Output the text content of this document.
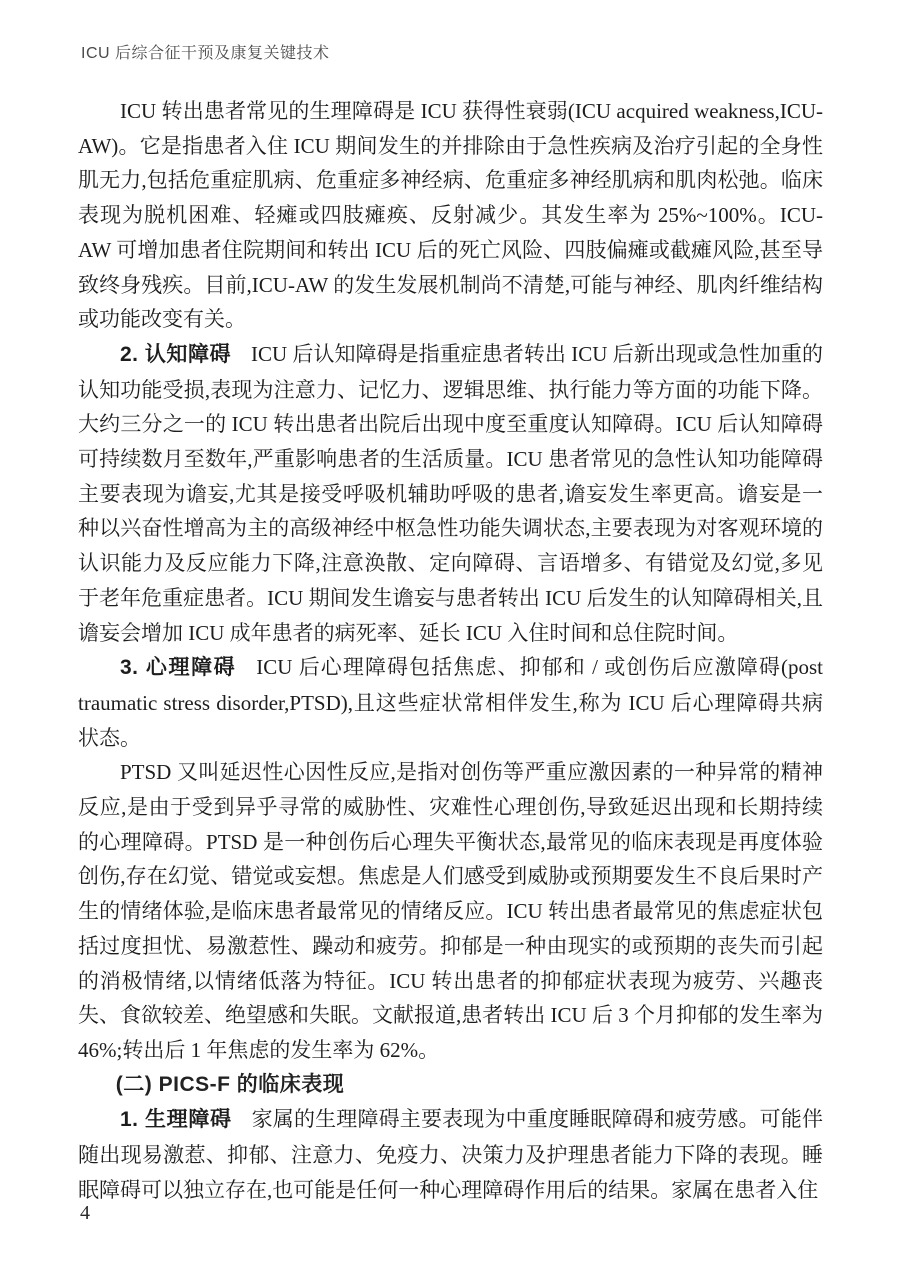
ICU 后综合征干预及康复关键技术

ICU 转出患者常见的生理障碍是 ICU 获得性衰弱(ICU acquired weakness,ICU-AW)。它是指患者入住 ICU 期间发生的并排除由于急性疾病及治疗引起的全身性肌无力,包括危重症肌病、危重症多神经病、危重症多神经肌病和肌肉松弛。临床表现为脱机困难、轻瘫或四肢瘫痪、反射减少。其发生率为 25%~100%。ICU-AW 可增加患者住院期间和转出 ICU 后的死亡风险、四肢偏瘫或截瘫风险,甚至导致终身残疾。目前,ICU-AW 的发生发展机制尚不清楚,可能与神经、肌肉纤维结构或功能改变有关。

2. 认知障碍 ICU 后认知障碍是指重症患者转出 ICU 后新出现或急性加重的认知功能受损,表现为注意力、记忆力、逻辑思维、执行能力等方面的功能下降。大约三分之一的 ICU 转出患者出院后出现中度至重度认知障碍。ICU 后认知障碍可持续数月至数年,严重影响患者的生活质量。ICU 患者常见的急性认知功能障碍主要表现为谵妄,尤其是接受呼吸机辅助呼吸的患者,谵妄发生率更高。谵妄是一种以兴奋性增高为主的高级神经中枢急性功能失调状态,主要表现为对客观环境的认识能力及反应能力下降,注意涣散、定向障碍、言语增多、有错觉及幻觉,多见于老年危重症患者。ICU 期间发生谵妄与患者转出 ICU 后发生的认知障碍相关,且谵妄会增加 ICU 成年患者的病死率、延长 ICU 入住时间和总住院时间。

3. 心理障碍 ICU 后心理障碍包括焦虑、抑郁和 / 或创伤后应激障碍(post traumatic stress disorder,PTSD),且这些症状常相伴发生,称为 ICU 后心理障碍共病状态。

PTSD 又叫延迟性心因性反应,是指对创伤等严重应激因素的一种异常的精神反应,是由于受到异乎寻常的威胁性、灾难性心理创伤,导致延迟出现和长期持续的心理障碍。PTSD 是一种创伤后心理失平衡状态,最常见的临床表现是再度体验创伤,存在幻觉、错觉或妄想。焦虑是人们感受到威胁或预期要发生不良后果时产生的情绪体验,是临床患者最常见的情绪反应。ICU 转出患者最常见的焦虑症状包括过度担忧、易激惹性、躁动和疲劳。抑郁是一种由现实的或预期的丧失而引起的消极情绪,以情绪低落为特征。ICU 转出患者的抑郁症状表现为疲劳、兴趣丧失、食欲较差、绝望感和失眠。文献报道,患者转出 ICU 后 3 个月抑郁的发生率为 46%;转出后 1 年焦虑的发生率为 62%。

(二) PICS-F 的临床表现

1. 生理障碍 家属的生理障碍主要表现为中重度睡眠障碍和疲劳感。可能伴随出现易激惹、抑郁、注意力、免疫力、决策力及护理患者能力下降的表现。睡眠障碍可以独立存在,也可能是任何一种心理障碍作用后的结果。家属在患者入住

4
